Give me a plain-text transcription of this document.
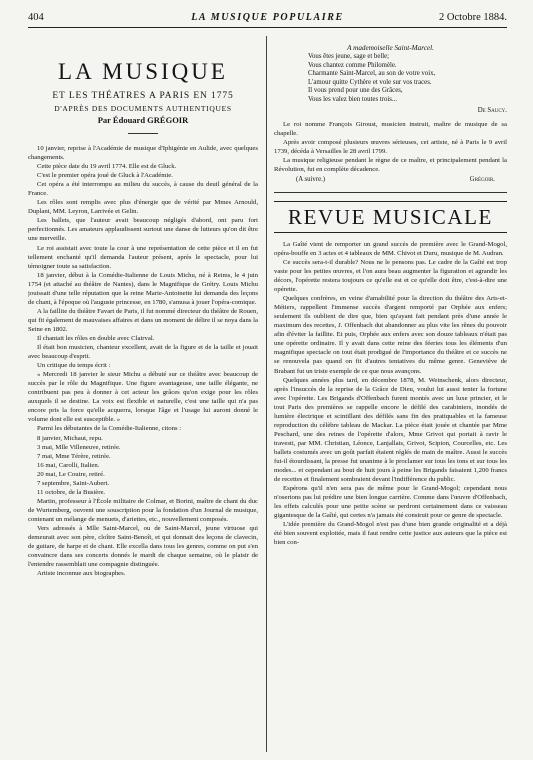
404	LA MUSIQUE POPULAIRE	2 Octobre 1884.
LA MUSIQUE
ET LES THÉATRES A PARIS EN 1775
D'APRÈS DES DOCUMENTS AUTHENTIQUES
Par Édouard GRÉGOIR

10 janvier, reprise à l'Académie de musique d'Iphigénie en Aulide, avec quelques changements.

Cette pièce date du 19 avril 1774. Elle est de Gluck.

C'est le premier opéra joué de Gluck à l'Académie.

Cet opéra a été interrompu au milieu du succès, à cause du deuil général de la France.

Les rôles sont remplis avec plus d'énergie que de vérité par Mmes Arnould, Duplant, MM. Leyron, Larrivée et Gelin.

Les ballets, que l'auteur avait beaucoup négligés d'abord, ont paru fort perfectionnés. Les amateurs applaudissent surtout une danse de lutteurs qu'on dit être une merveille.

Le roi assistait avec toute la cour à une représentation de cette pièce et il en fut tellement enchanté qu'il demanda l'auteur présent, après le spectacle, pour lui témoigner toute sa satisfaction.

18 janvier, début à la Comédie-Italienne de Louis Michu, né à Reims, le 4 juin 1754 (et attaché au théâtre de Nantes), dans le Magnifique de Grétry. Louis Michu jouissait d'une telle réputation que la reine Marie-Antoinette lui demanda des leçons de chant, à l'époque où l'auguste princesse, en 1780, s'amusa à jouer l'opéra-comique.

A la faillite du théâtre Favart de Paris, il fut nommé directeur du théâtre de Rouen, qui fit également de mauvaises affaires et dans un moment de délire il se noya dans la Seine en 1802.

Il chantait les rôles en double avec Clairval.

Il était bon musicien, chanteur excellent, avait de la figure et de la taille et jouait avec beaucoup d'esprit.

Un critique du temps écrit :

« Mercredi 18 janvier le sieur Michu a débuté sur ce théâtre avec beaucoup de succès par le rôle du Magnifique. Une figure avantageuse, une taille élégante, ne contribuent pas peu à donner à cet acteur les grâces qu'on exige pour les rôles auxquels il se destine. La voix est flexible et naturelle, c'est une taille qui n'a pas encore pris la force qu'elle acquerra, lorsque l'âge et l'usage lui auront donné le volume dont elle est susceptible. »

Parmi les débutantes de la Comédie-Italienne, citons :

8 janvier, Michaut, repu.

3 mai, Mlle Villeneuve, retirée.

7 mai, Mme Térère, retirée.

16 mai, Carolli, Italien.

20 mai, Le Coutre, retiré.

7 septembre, Saint-Aubert.

11 octobre, de la Busière.

Martin, professeur à l'École militaire de Colmar, et Borini, maître de chant du duc de Wurtemberg, ouvrent une souscription pour la fondation d'un Journal de musique, contenant un mélange de menuets, d'ariettes, etc., nouvellement composés.

Vers adressés à Mlle Saint-Marcel, ou de Saint-Marcel, jeune virtuose qui demeurait avec son père, cloître Saint-Benoît, et qui donnait des leçons de clavecin, de guitare, de harpe et de chant. Elle excella dans tous les genres, comme on put s'en convaincre dans ses concerts donnés le mardi de chaque semaine, où le plaisir de l'entendre rassemblait une compagnie distinguée.

Artiste inconnue aux biographes.

A mademoiselle Saint-Marcel.

Vous êtes jeune, sage et belle;

Vous chantez comme Philomèle.

Charmante Saint-Marcel, au son de votre voix,

L'amour quitte Cythère et vole sur vos traces.

Il vous prend pour une des Grâces,

Vous les valez bien toutes trois...

De Saucy.

Le roi nomme François Giroust, musicien instruit, maître de musique de sa chapelle.

Après avoir composé plusieurs œuvres sérieuses, cet artiste, né à Paris le 9 avril 1739, décéda à Versailles le 28 avril 1799.

La musique religieuse pendant le règne de ce maître, et principalement pendant la Révolution, fut en complète décadence.

(A suivre.)	Grégoir.
REVUE MUSICALE

La Gaîté vient de remporter un grand succès de première avec le Grand-Mogol, opéra-bouffe en 3 actes et 4 tableaux de MM. Chivot et Duru, musique de M. Audran.

Ce succès sera-t-il durable? Nous ne le pensons pas. Le cadre de la Gaîté est trop vaste pour les petites œuvres, et l'on aura beau augmenter la figuration et agrandir les décors, l'opérette restera toujours ce qu'elle est et ce qu'elle doit être, c'est-à-dire une opérette.

Quelques confrères, en veine d'amabilité pour la direction du théâtre des Arts-et-Métiers, rappellent l'immense succès d'argent remporté par Orphée aux enfers; seulement ils oublient de dire que, bien qu'ayant fait pendant près d'une année le maximum des recettes, J. Offenbach dut abandonner au plus vite les rênes du pouvoir afin d'éviter la faillite. Et puis, Orphée aux enfers avec son douze tableaux n'était pas une opérette ordinaire. Il y avait dans cette reine des féeries tous les éléments d'un magnifique spectacle on tout était prodigué de l'importance du théâtre et ce succès ne se renouvela pas quand on fit d'autres tentatives du même genre. Geneviève de Brabant fut un triste exemple de ce que nous avançons.

Quelques années plus tard, en décembre 1878, M. Weinschenk, alors directeur, après l'insuccès de la reprise de la Grâce de Dieu, voulut lui aussi tenter la fortune avec l'opérette. Les Brigands d'Offenbach furent montés avec un luxe princier, et le tout Paris des premières se rappelle encore le défilé des carabiniers, inondés de lumière électrique et scintillant des défilés sans fin des pratiquables et la fameuse reproduction du célèbre tableau de Mackar. La pièce était jouée et chantée par Mme Peschard, une des reines de l'opérette d'alors, Mme Grivot qui portait à ravir le travesti, par MM. Christian, Léonce, Lanjallais, Grivot, Scipion, Courcelles, etc. Les ballets costumés avec un goût parfait étaient réglés de main de maître. Aussi le succès fut-il étourdissant, la presse fut unanime à le proclamer sur tous les tons et sur tous les modes... et cependant au bout de huit jours à peine les Brigands faisaient 1,200 francs de recettes et finalement sombraient devant l'indifférence du public.

Espérons qu'il n'en sera pas de même pour le Grand-Mogol; cependant nous n'oserions pas lui prédire une bien longue carrière. Comme dans l'œuvre d'Offenbach, les effets calculés pour une petite scène se perdront certainement dans ce vaisseau gigantesque de la Gaîté, qui certes n'a jamais été construit pour ce genre de spectacle.

L'idée première du Grand-Mogol n'est pas d'une bien grande originalité et a déjà été bien souvent exploitée, mais il faut rendre cette justice aux auteurs que la pièce est bien con-
